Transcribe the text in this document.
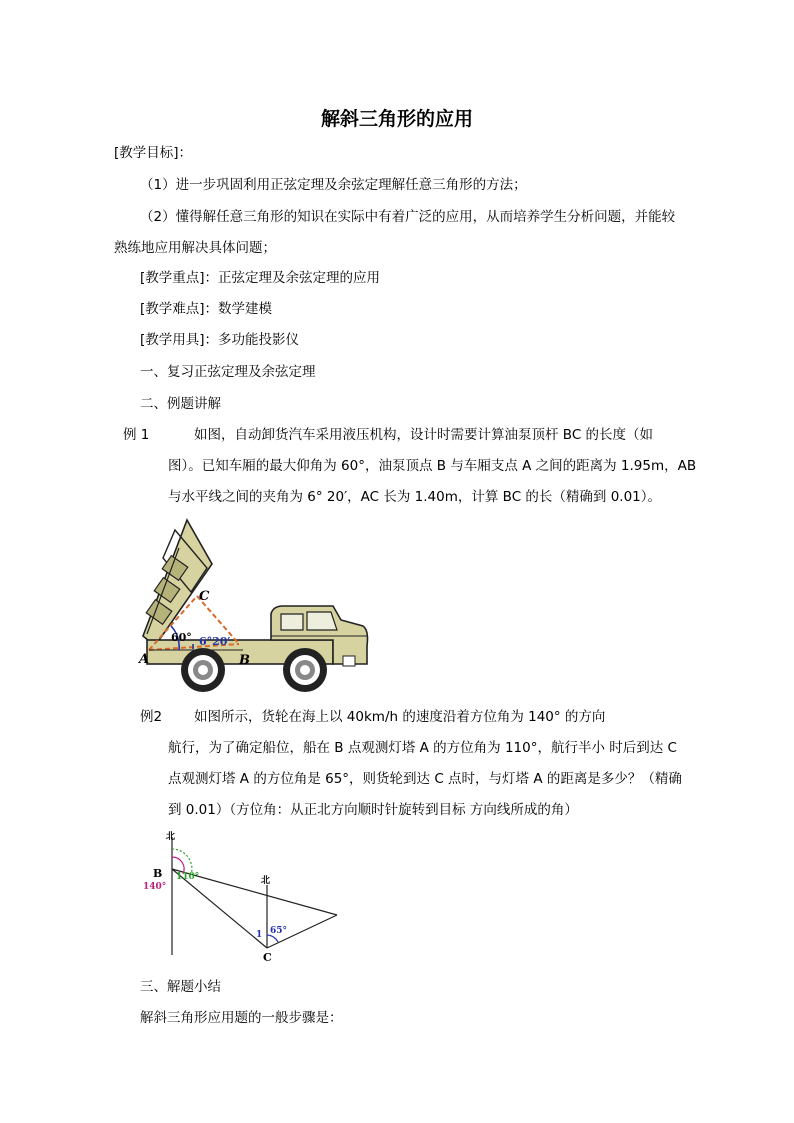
解斜三角形的应用
[教学目标]：
（1）进一步巩固利用正弦定理及余弦定理解任意三角形的方法；
（2）懂得解任意三角形的知识在实际中有着广泛的应用，从而培养学生分析问题，并能较
熟练地应用解决具体问题；
[教学重点]：正弦定理及余弦定理的应用
[教学难点]：数学建模
[教学用具]：多功能投影仪
一、复习正弦定理及余弦定理
二、例题讲解
例 1	如图，自动卸货汽车采用液压机构，设计时需要计算油泵顶杆 BC 的长度（如
图）。已知车厢的最大仰角为 60°，油泵顶点 B 与车厢支点 A 之间的距离为 1.95m，AB
与水平线之间的夹角为 6° 20′，AC 长为 1.40m，计算 BC 的长（精确到 0.01）。
C
A	B
60° 6°20′
例2 如图所示，货轮在海上以 40km/h 的速度沿着方位角为 140° 的方向
航行，为了确定船位，船在 B 点观测灯塔 A 的方位角为 110°，航行半小 时后到达 C
点观测灯塔 A 的方位角是 65°，则货轮到达 C 点时，与灯塔 A 的距离是多少？（精确
到 0.01）（方位角：从正北方向顺时针旋转到目标 方向线所成的角）
北
北
140°
110°
65°
1
B
C
三、解题小结
解斜三角形应用题的一般步骤是：
